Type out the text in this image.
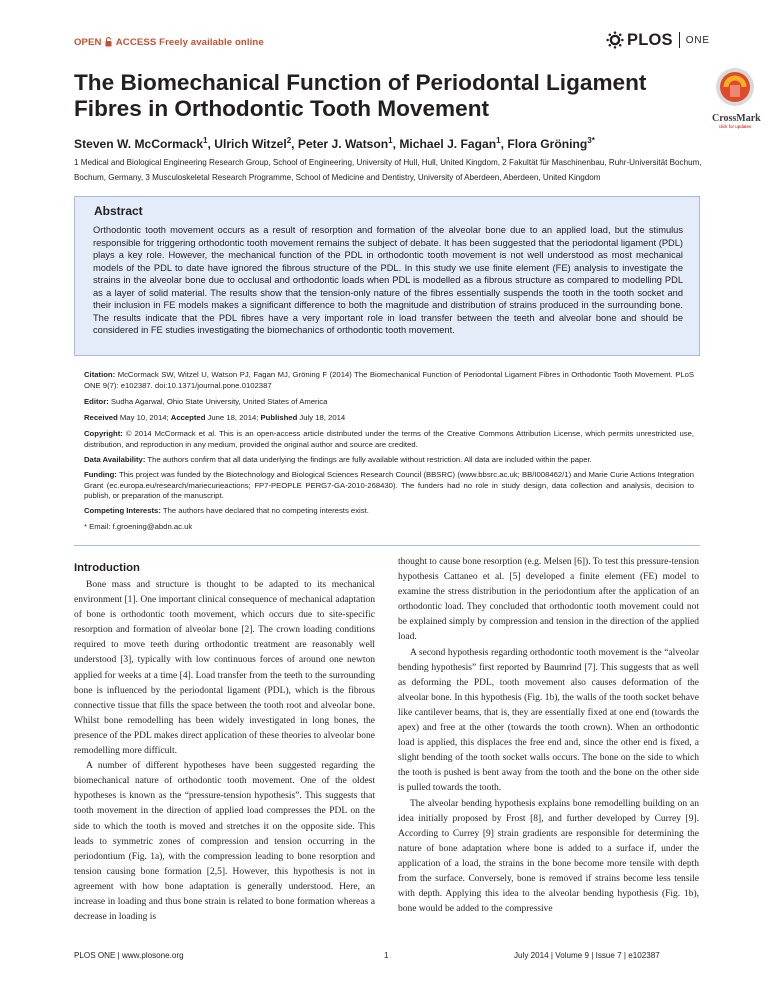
OPEN ACCESS Freely available online	PLOS ONE
The Biomechanical Function of Periodontal Ligament Fibres in Orthodontic Tooth Movement	CrossMark
click for updates
Steven W. McCormack$^1$, Ulrich Witzel$^2$, Peter J. Watson$^1$, Michael J. Fagan$^1$, Flora Gröning$^{3*}$

1 Medical and Biological Engineering Research Group, School of Engineering, University of Hull, Hull, United Kingdom, 2 Fakultät für Maschinenbau, Ruhr-Universität Bochum, Bochum, Germany, 3 Musculoskeletal Research Programme, School of Medicine and Dentistry, University of Aberdeen, Aberdeen, United Kingdom

Abstract

Orthodontic tooth movement occurs as a result of resorption and formation of the alveolar bone due to an applied load, but the stimulus responsible for triggering orthodontic tooth movement remains the subject of debate. It has been suggested that the periodontal ligament (PDL) plays a key role. However, the mechanical function of the PDL in orthodontic tooth movement is not well understood as most mechanical models of the PDL to date have ignored the fibrous structure of the PDL. In this study we use finite element (FE) analysis to investigate the strains in the alveolar bone due to occlusal and orthodontic loads when PDL is modelled as a fibrous structure as compared to modelling PDL as a layer of solid material. The results show that the tension-only nature of the fibres essentially suspends the tooth in the tooth socket and their inclusion in FE models makes a significant difference to both the magnitude and distribution of strains produced in the surrounding bone. The results indicate that the PDL fibres have a very important role in load transfer between the teeth and alveolar bone and should be considered in FE studies investigating the biomechanics of orthodontic tooth movement.

Citation: McCormack SW, Witzel U, Watson PJ, Fagan MJ, Gröning F (2014) The Biomechanical Function of Periodontal Ligament Fibres in Orthodontic Tooth Movement. PLoS ONE 9(7): e102387. doi:10.1371/journal.pone.0102387

Editor: Sudha Agarwal, Ohio State University, United States of America

Received May 10, 2014; Accepted June 18, 2014; Published July 18, 2014

Copyright: © 2014 McCormack et al. This is an open-access article distributed under the terms of the Creative Commons Attribution License, which permits unrestricted use, distribution, and reproduction in any medium, provided the original author and source are credited.

Data Availability: The authors confirm that all data underlying the findings are fully available without restriction. All data are included within the paper.

Funding: This project was funded by the Biotechnology and Biological Sciences Research Council (BBSRC) (www.bbsrc.ac.uk; BB/I008462/1) and Marie Curie Actions Integration Grant (ec.europa.eu/research/mariecurieactions; FP7-PEOPLE PERG7-GA-2010-268430). The funders had no role in study design, data collection and analysis, decision to publish, or preparation of the manuscript.

Competing Interests: The authors have declared that no competing interests exist.

* Email: f.groening@abdn.ac.uk

Introduction

Bone mass and structure is thought to be adapted to its mechanical environment [1]. One important clinical consequence of mechanical adaptation of bone is orthodontic tooth movement, which occurs due to site-specific resorption and formation of alveolar bone [2]. The crown loading conditions required to move teeth during orthodontic treatment are reasonably well understood [3], typically with low continuous forces of around one newton applied for weeks at a time [4]. Load transfer from the teeth to the surrounding bone is influenced by the periodontal ligament (PDL), which is the fibrous connective tissue that fills the space between the tooth root and alveolar bone. Whilst bone remodelling has been widely investigated in long bones, the presence of the PDL makes direct application of these theories to alveolar bone remodelling more difficult.

A number of different hypotheses have been suggested regarding the biomechanical nature of orthodontic tooth movement. One of the oldest hypotheses is known as the “pressure-tension hypothesis”. This suggests that tooth movement in the direction of applied load compresses the PDL on the side to which the tooth is moved and stretches it on the opposite side. This leads to symmetric zones of compression and tension occurring in the periodontium (Fig. 1a), with the compression leading to bone resorption and tension causing bone formation [2,5]. However, this hypothesis is not in agreement with how bone adaptation is generally understood. Here, an increase in loading and thus bone strain is related to bone formation whereas a decrease in loading is

thought to cause bone resorption (e.g. Melsen [6]). To test this pressure-tension hypothesis Cattaneo et al. [5] developed a finite element (FE) model to examine the stress distribution in the periodontium after the application of an orthodontic load. They concluded that orthodontic tooth movement could not be explained simply by compression and tension in the direction of the applied load.

A second hypothesis regarding orthodontic tooth movement is the “alveolar bending hypothesis” first reported by Baumrind [7]. This suggests that as well as deforming the PDL, tooth movement also causes deformation of the alveolar bone. In this hypothesis (Fig. 1b), the walls of the tooth socket behave like cantilever beams, that is, they are essentially fixed at one end (towards the apex) and free at the other (towards the tooth crown). When an orthodontic load is applied, this displaces the free end and, since the other end is fixed, a slight bending of the tooth socket walls occurs. The bone on the side to which the tooth is pushed is bent away from the tooth and the bone on the other side is pulled towards the tooth.

The alveolar bending hypothesis explains bone remodelling building on an idea initially proposed by Frost [8], and further developed by Currey [9]. According to Currey [9] strain gradients are responsible for determining the nature of bone adaptation where bone is added to a surface if, under the application of a load, the strains in the bone become more tensile with depth from the surface. Conversely, bone is removed if strains become less tensile with depth. Applying this idea to the alveolar bending hypothesis (Fig. 1b), bone would be added to the compressive

PLOS ONE | www.plosone.org	1	July 2014 | Volume 9 | Issue 7 | e102387
